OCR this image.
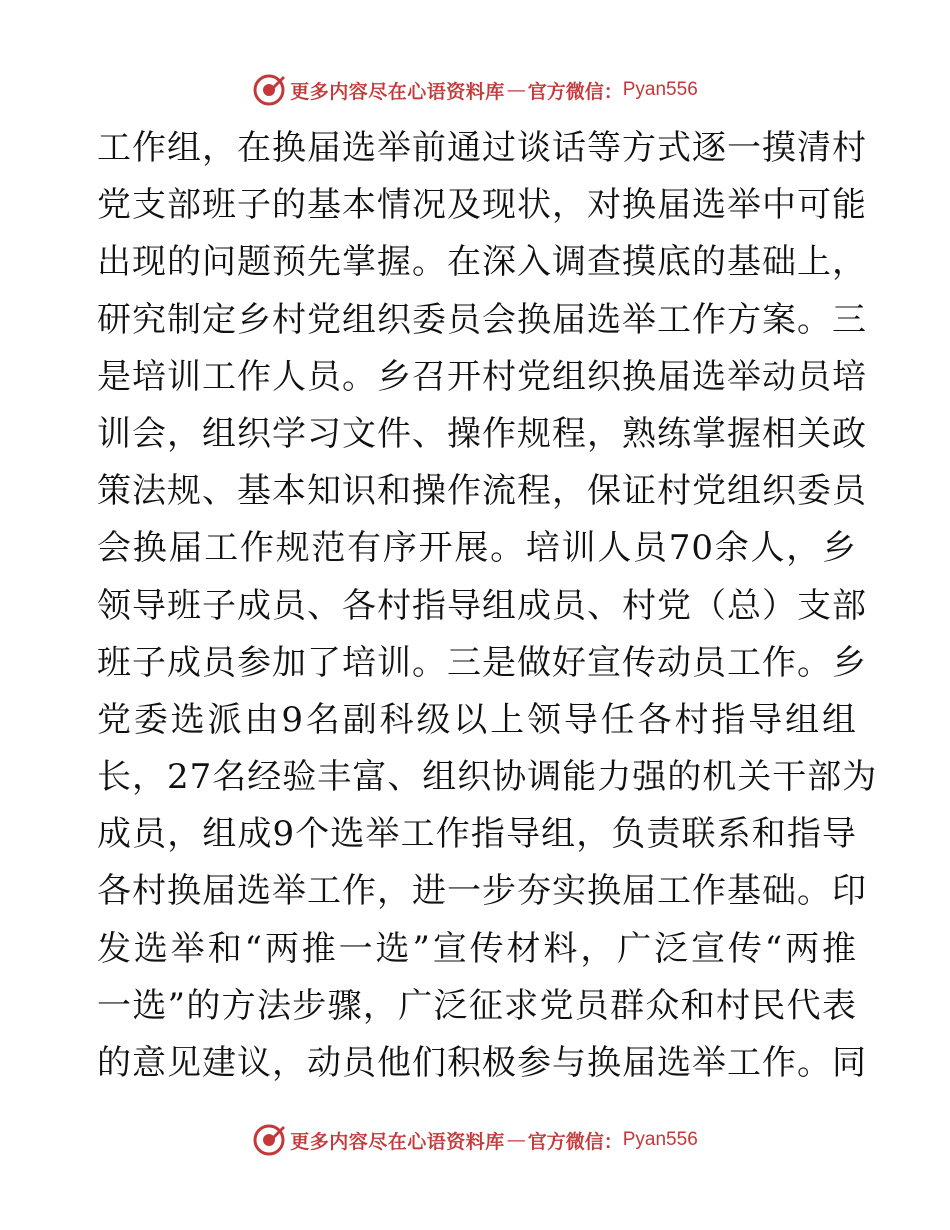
更多内容尽在心语资料库 — 官方微信： Pyan556
工作组，在换届选举前通过谈话等方式逐一摸清村
党支部班子的基本情况及现状，对换届选举中可能
出现的问题预先掌握。在深入调查摸底的基础上，
研究制定乡村党组织委员会换届选举工作方案。三
是培训工作人员。乡召开村党组织换届选举动员培
训会，组织学习文件、操作规程，熟练掌握相关政
策法规、基本知识和操作流程，保证村党组织委员
会换届工作规范有序开展。培训人员70余人，乡
领导班子成员、各村指导组成员、村党（总）支部
班子成员参加了培训。三是做好宣传动员工作。乡
党委选派由9名副科级以上领导任各村指导组组
长，27名经验丰富、组织协调能力强的机关干部为
成员，组成9个选举工作指导组，负责联系和指导
各村换届选举工作，进一步夯实换届工作基础。印
发选举和“两推一选”宣传材料，广泛宣传“两推
一选”的方法步骤，广泛征求党员群众和村民代表
的意见建议，动员他们积极参与换届选举工作。同
更多内容尽在心语资料库 — 官方微信： Pyan556
